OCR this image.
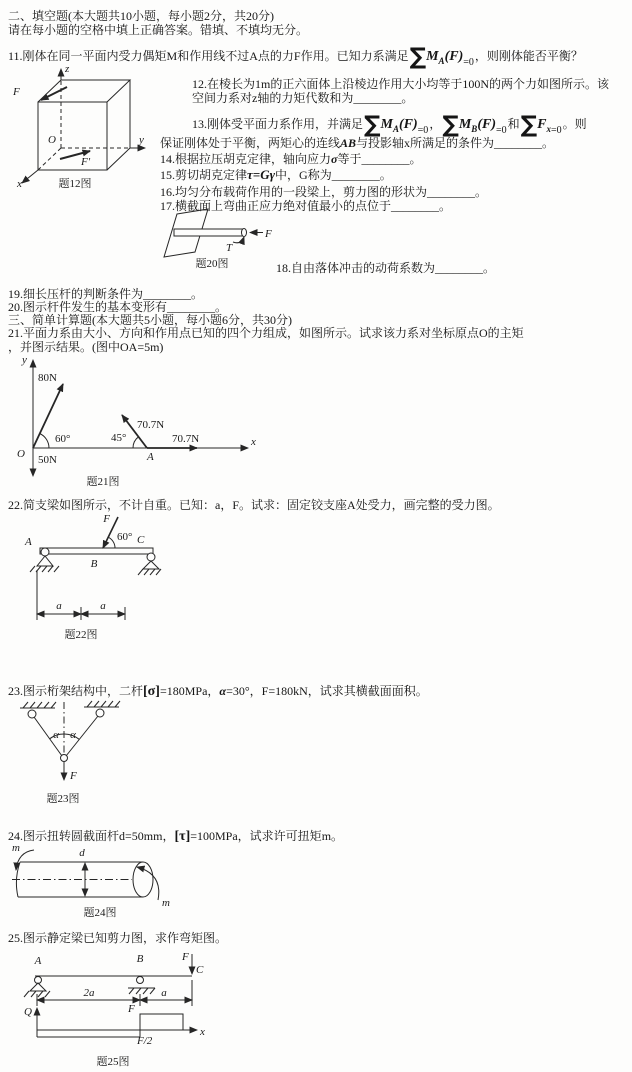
二、填空题(本大题共10小题，每小题2分，共20分)
请在每小题的空格中填上正确答案。错填、不填均无分。
11.刚体在同一平面内受力偶矩M和作用线不过A点的力F作用。已知力系满足 ∑ M A (F) =0 ，则刚体能否平衡？
z
y
x
O
F
F′
题12图
12.在棱长为1m的正六面体上沿棱边作用大小均等于100N的两个力如图所示。该
空间力系对z轴的力矩代数和为________。
13.刚体受平面力系作用，并满足 ∑ M A (F) =0 ， ∑ M B (F) =0 和 ∑ F x =0 。则
保证刚体处于平衡，两矩心的连线AB与投影轴x所满足的条件为________。
14.根据拉压胡克定律，轴向应力σ等于________。
15.剪切胡克定律τ=Gγ中，G称为________。
16.均匀分布载荷作用的一段梁上，剪力图的形状为________。
17.横截面上弯曲正应力绝对值最小的点位于________。
T
F
题20图	18.自由落体冲击的动荷系数为________。
19.细长压杆的判断条件为________。
20.图示杆件发生的基本变形有________。
三、简单计算题(本大题共5小题，每小题6分，共30分)
21.平面力系由大小、方向和作用点已知的四个力组成，如图所示。试求该力系对坐标原点O的主矩
，并图示结果。(图中OA=5m)
y
x
O
80N
50N
60°
70.7N
70.7N
45°
A
题21图
22.简支梁如图所示，不计自重。已知：a，F。试求：固定铰支座A处受力，画完整的受力图。
A
B
C
F
60°
a	a
题22图
23.图示桁架结构中，二杆 [σ] =180MPa， α =30°， F =180kN，试求其横截面面积。
α α
F
题23图
24.图示扭转圆截面杆 d =50mm， [τ] =100MPa，试求许可扭矩 m 。
m
m
d
题24图
25.图示静定梁已知剪力图，求作弯矩图。
A	B
C
F
2a	a
Q
x
F
F/2
题25图
